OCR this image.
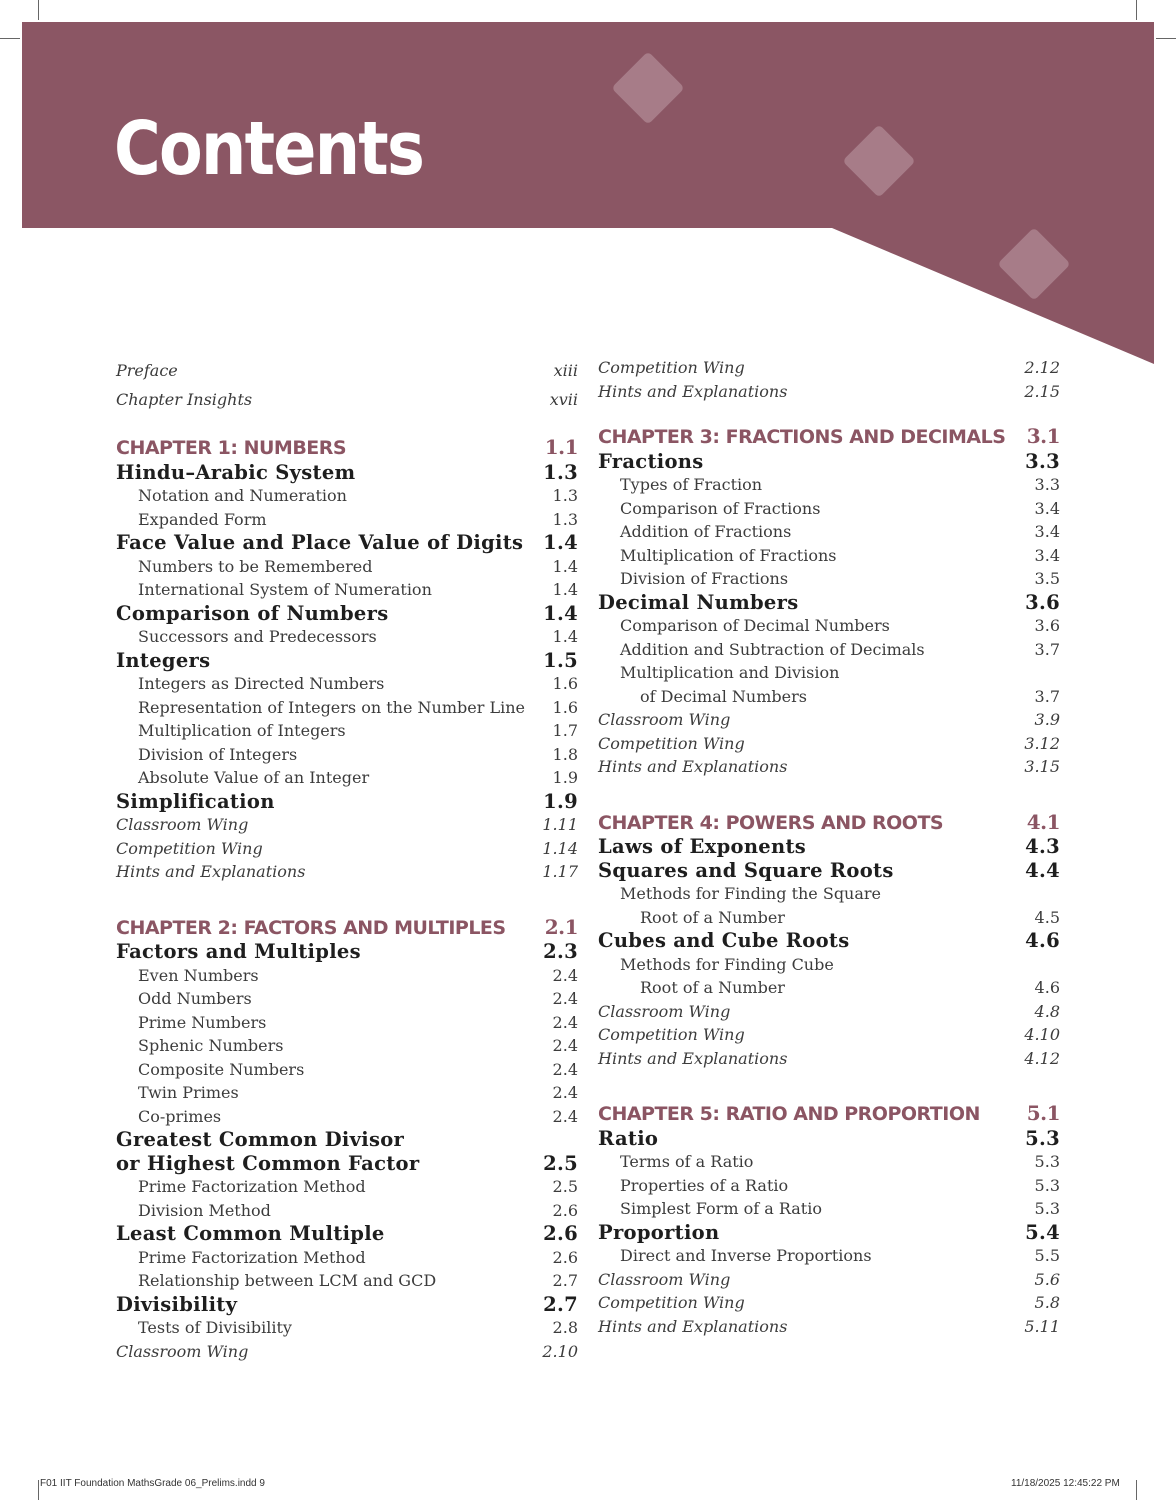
Contents
Preface	xiii
Chapter Insights	xvii
CHAPTER 1: NUMBERS	1.1
Hindu–Arabic System	1.3
Notation and Numeration	1.3
Expanded Form	1.3
Face Value and Place Value of Digits 1.4
Numbers to be Remembered	1.4
International System of Numeration	1.4
Comparison of Numbers	1.4
Successors and Predecessors	1.4
Integers	1.5
Integers as Directed Numbers	1.6
Representation of Integers on the Number Line	1.6
Multiplication of Integers	1.7
Division of Integers	1.8
Absolute Value of an Integer	1.9
Simplification	1.9
Classroom Wing	1.11
Competition Wing	1.14
Hints and Explanations	1.17
CHAPTER 2: FACTORS AND MULTIPLES	2.1
Factors and Multiples	2.3
Even Numbers	2.4
Odd Numbers	2.4
Prime Numbers	2.4
Sphenic Numbers	2.4
Composite Numbers	2.4
Twin Primes	2.4
Co-primes	2.4
Greatest Common Divisor
or Highest Common Factor	2.5
Prime Factorization Method	2.5
Division Method	2.6
Least Common Multiple	2.6
Prime Factorization Method	2.6
Relationship between LCM and GCD	2.7
Divisibility	2.7
Tests of Divisibility	2.8
Classroom Wing	2.10
Competition Wing	2.12
Hints and Explanations	2.15
CHAPTER 3: FRACTIONS AND DECIMALS	3.1
Fractions	3.3
Types of Fraction	3.3
Comparison of Fractions	3.4
Addition of Fractions	3.4
Multiplication of Fractions	3.4
Division of Fractions	3.5
Decimal Numbers	3.6
Comparison of Decimal Numbers	3.6
Addition and Subtraction of Decimals	3.7
Multiplication and Division
of Decimal Numbers	3.7
Classroom Wing	3.9
Competition Wing	3.12
Hints and Explanations	3.15
CHAPTER 4: POWERS AND ROOTS	4.1
Laws of Exponents	4.3
Squares and Square Roots	4.4
Methods for Finding the Square
Root of a Number	4.5
Cubes and Cube Roots	4.6
Methods for Finding Cube
Root of a Number	4.6
Classroom Wing	4.8
Competition Wing	4.10
Hints and Explanations	4.12
CHAPTER 5: RATIO AND PROPORTION	5.1
Ratio	5.3
Terms of a Ratio	5.3
Properties of a Ratio	5.3
Simplest Form of a Ratio	5.3
Proportion	5.4
Direct and Inverse Proportions	5.5
Classroom Wing	5.6
Competition Wing	5.8
Hints and Explanations	5.11
F01 IIT Foundation MathsGrade 06_Prelims.indd 9	11/18/2025 12:45:22 PM
